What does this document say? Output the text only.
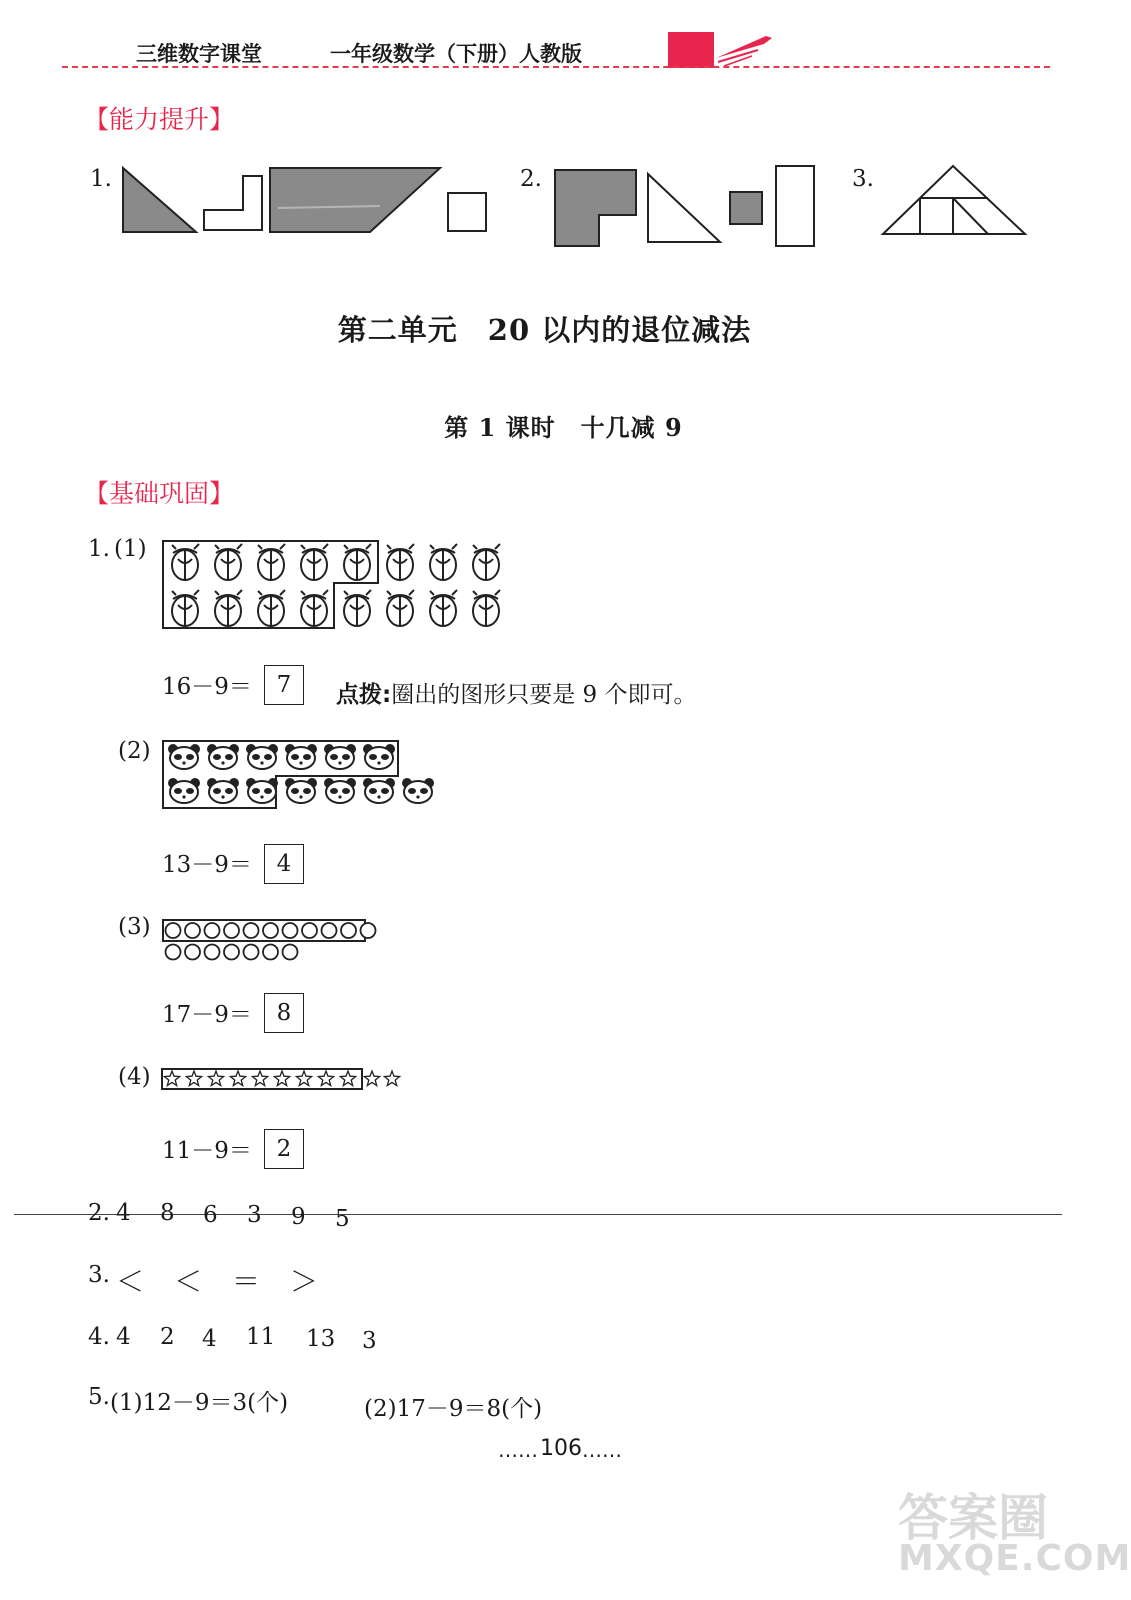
三维数字课堂	一年级数学（下册）人教版
【能力提升】
1.	2.	3.
第二单元　20 以内的退位减法
第 1 课时　十几减 9
【基础巩固】
1. (1)
16－9＝	7	点拨:圈出的图形只要是 9 个即可。
(2)
13－9＝	4
(3)
17－9＝	8
(4)
11－9＝	2
2. 4 8 6 3 9 5
3. ＜ ＜ ＝ ＞
4. 4 2 4 11 13 3
5. (1)12－9＝3(个)	(2)17－9＝8(个)
…… 106 ……
答案圈
MXQE.COM
